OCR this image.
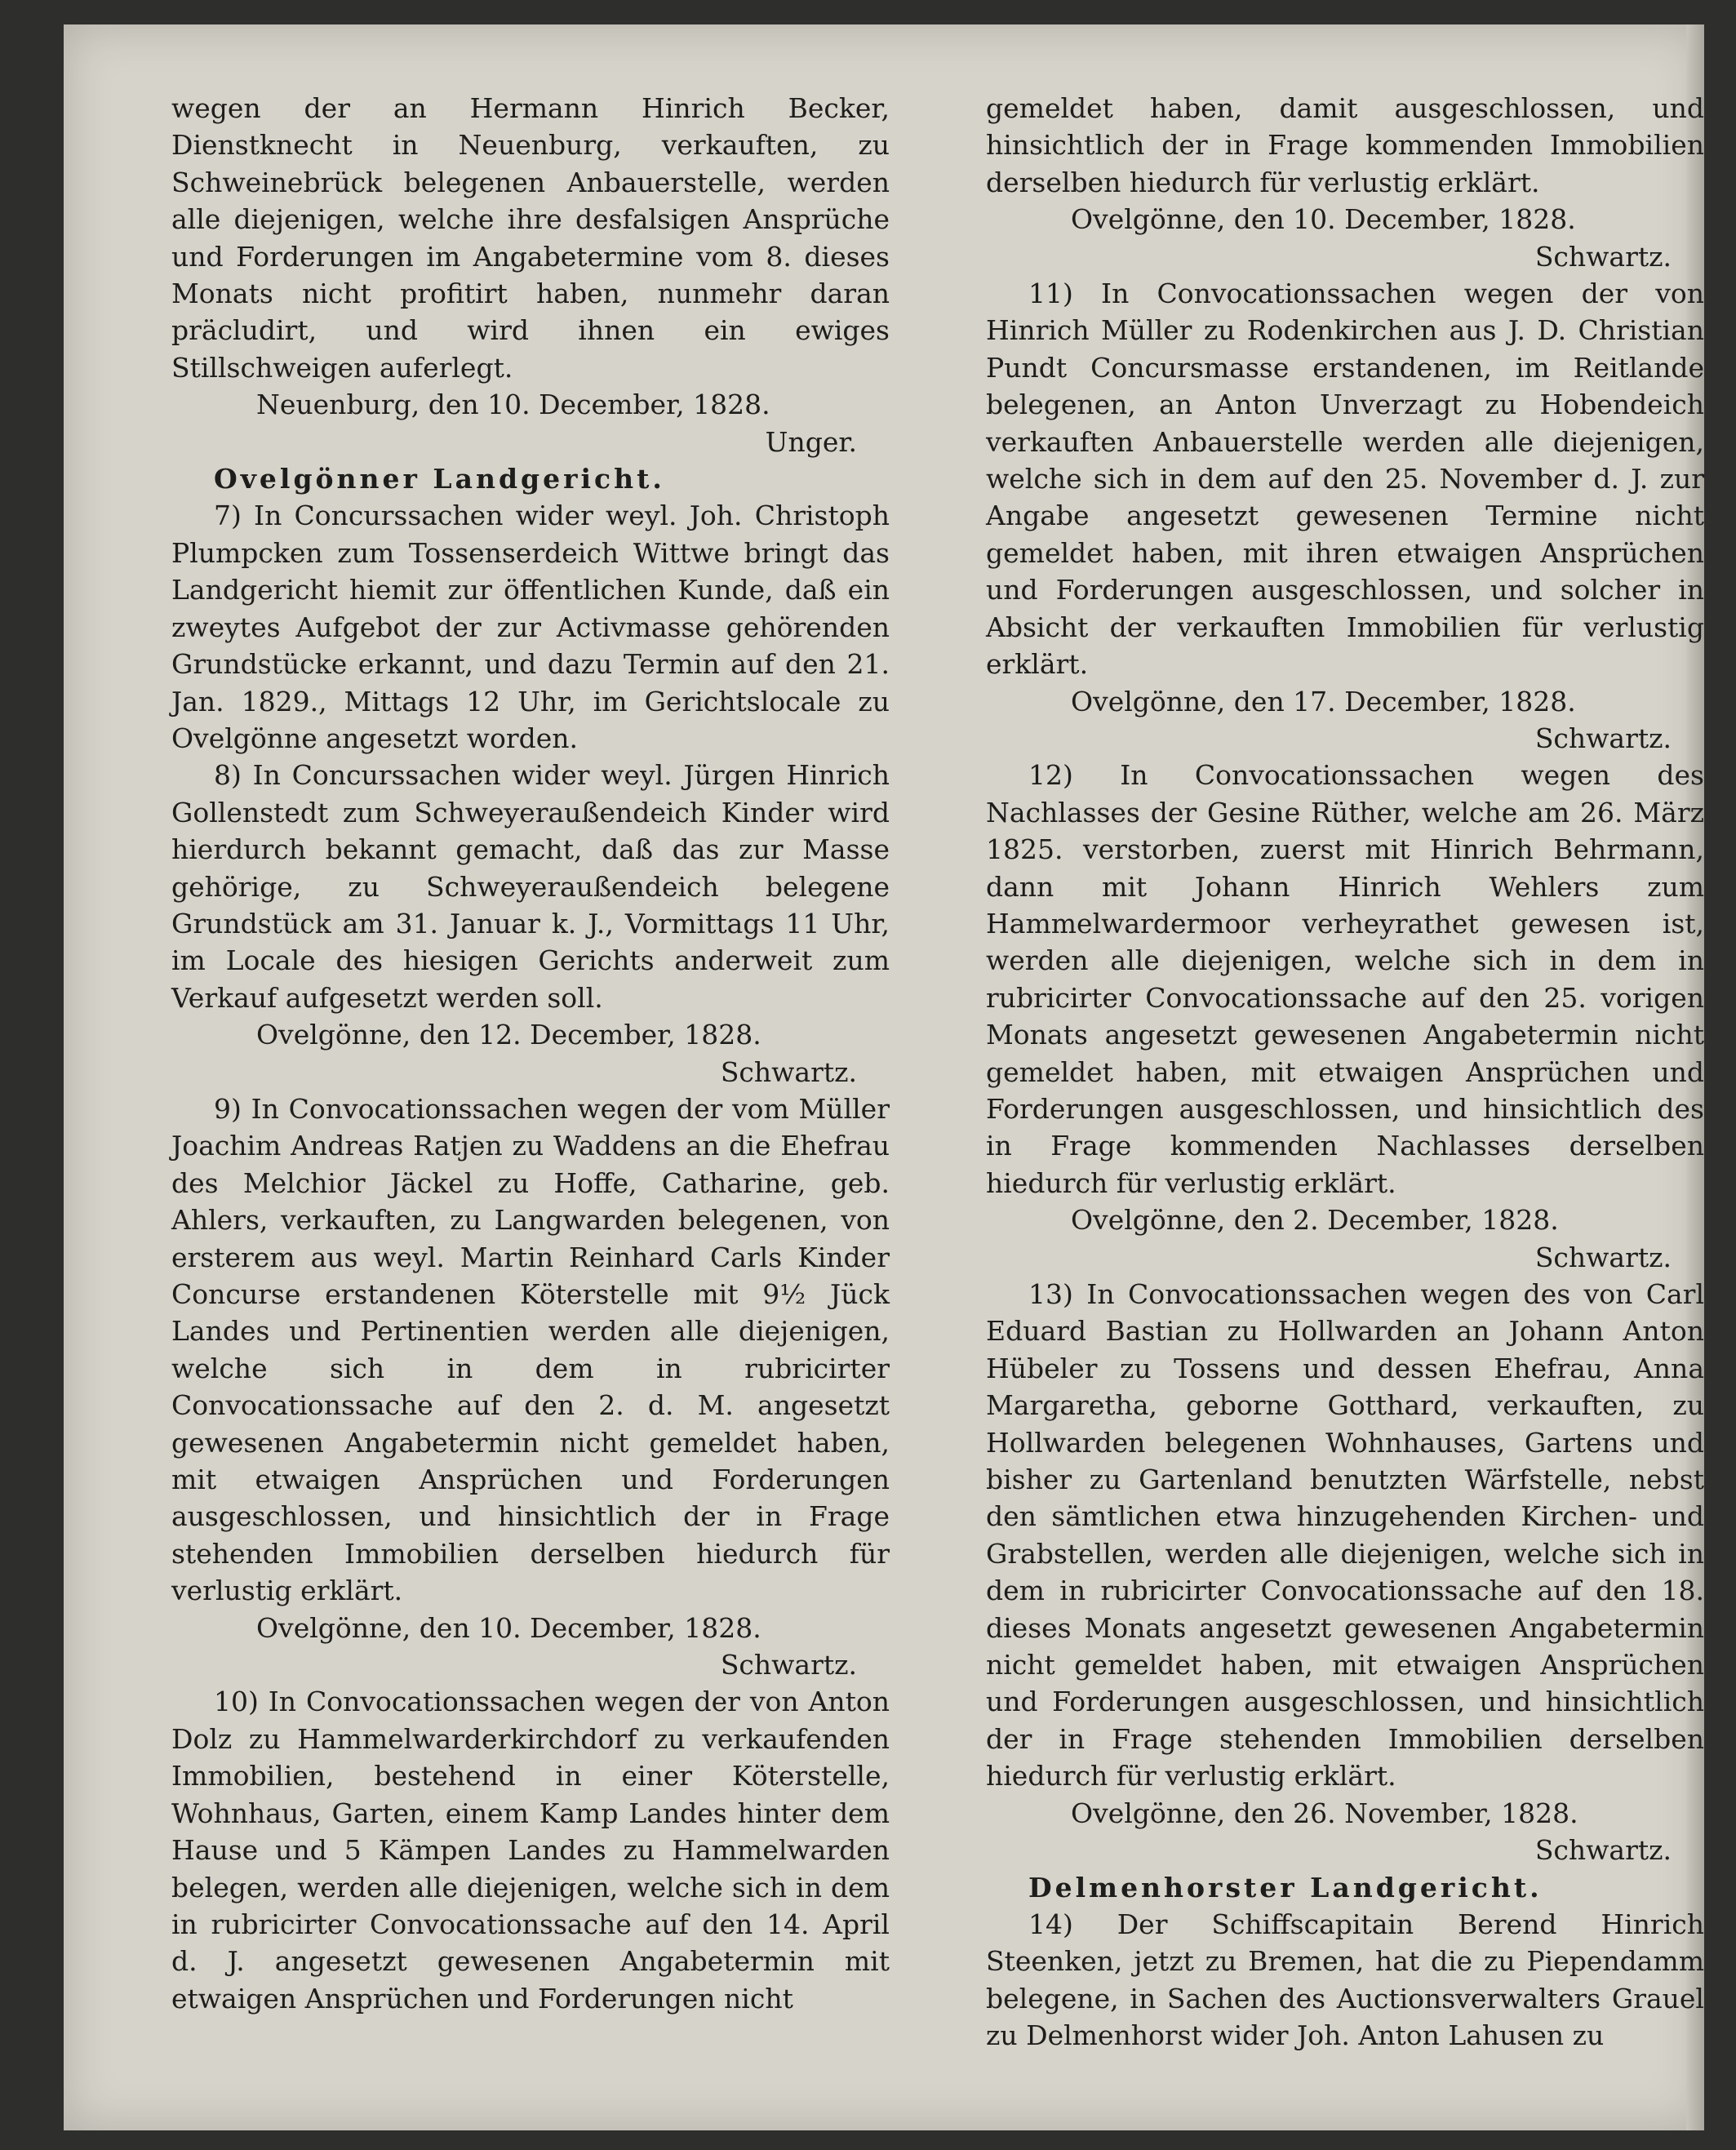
wegen der an Hermann Hinrich Becker, Dienstknecht in Neuenburg, verkauften, zu Schweinebrück belegenen Anbauerstelle, werden alle diejenigen, welche ihre desfalsigen Ansprüche und Forderungen im Angabetermine vom 8. dieses Monats nicht profitirt haben, nunmehr daran präcludirt, und wird ihnen ein ewiges Stillschweigen auferlegt.

Neuenburg, den 10. December, 1828.

Unger.

Ovelgönner Landgericht.

7) In Concurssachen wider weyl. Joh. Christoph Plumpcken zum Tossenserdeich Wittwe bringt das Landgericht hiemit zur öffentlichen Kunde, daß ein zweytes Aufgebot der zur Activmasse gehörenden Grundstücke erkannt, und dazu Termin auf den 21. Jan. 1829., Mittags 12 Uhr, im Gerichtslocale zu Ovelgönne angesetzt worden.

8) In Concurssachen wider weyl. Jürgen Hinrich Gollenstedt zum Schweyeraußendeich Kinder wird hierdurch bekannt gemacht, daß das zur Masse gehörige, zu Schweyeraußendeich belegene Grundstück am 31. Januar k. J., Vormittags 11 Uhr, im Locale des hiesigen Gerichts anderweit zum Verkauf aufgesetzt werden soll.

Ovelgönne, den 12. December, 1828.

Schwartz.

9) In Convocationssachen wegen der vom Müller Joachim Andreas Ratjen zu Waddens an die Ehefrau des Melchior Jäckel zu Hoffe, Catharine, geb. Ahlers, verkauften, zu Langwarden belegenen, von ersterem aus weyl. Martin Reinhard Carls Kinder Concurse erstandenen Köterstelle mit 9½ Jück Landes und Pertinentien werden alle diejenigen, welche sich in dem in rubricirter Convocationssache auf den 2. d. M. angesetzt gewesenen Angabetermin nicht gemeldet haben, mit etwaigen Ansprüchen und Forderungen ausgeschlossen, und hinsichtlich der in Frage stehenden Immobilien derselben hiedurch für verlustig erklärt.

Ovelgönne, den 10. December, 1828.

Schwartz.

10) In Convocationssachen wegen der von Anton Dolz zu Hammelwarderkirchdorf zu verkaufenden Immobilien, bestehend in einer Köterstelle, Wohnhaus, Garten, einem Kamp Landes hinter dem Hause und 5 Kämpen Landes zu Hammelwarden belegen, werden alle diejenigen, welche sich in dem in rubricirter Convocationssache auf den 14. April d. J. angesetzt gewesenen Angabetermin mit etwaigen Ansprüchen und Forderungen nicht

gemeldet haben, damit ausgeschlossen, und hinsichtlich der in Frage kommenden Immobilien derselben hiedurch für verlustig erklärt.

Ovelgönne, den 10. December, 1828.

Schwartz.

11) In Convocationssachen wegen der von Hinrich Müller zu Rodenkirchen aus J. D. Christian Pundt Concursmasse erstandenen, im Reitlande belegenen, an Anton Unverzagt zu Hobendeich verkauften Anbauerstelle werden alle diejenigen, welche sich in dem auf den 25. November d. J. zur Angabe angesetzt gewesenen Termine nicht gemeldet haben, mit ihren etwaigen Ansprüchen und Forderungen ausgeschlossen, und solcher in Absicht der verkauften Immobilien für verlustig erklärt.

Ovelgönne, den 17. December, 1828.

Schwartz.

12) In Convocationssachen wegen des Nachlasses der Gesine Rüther, welche am 26. März 1825. verstorben, zuerst mit Hinrich Behrmann, dann mit Johann Hinrich Wehlers zum Hammelwardermoor verheyrathet gewesen ist, werden alle diejenigen, welche sich in dem in rubricirter Convocationssache auf den 25. vorigen Monats angesetzt gewesenen Angabetermin nicht gemeldet haben, mit etwaigen Ansprüchen und Forderungen ausgeschlossen, und hinsichtlich des in Frage kommenden Nachlasses derselben hiedurch für verlustig erklärt.

Ovelgönne, den 2. December, 1828.

Schwartz.

13) In Convocationssachen wegen des von Carl Eduard Bastian zu Hollwarden an Johann Anton Hübeler zu Tossens und dessen Ehefrau, Anna Margaretha, geborne Gotthard, verkauften, zu Hollwarden belegenen Wohnhauses, Gartens und bisher zu Gartenland benutzten Wärfstelle, nebst den sämtlichen etwa hinzugehenden Kirchen- und Grabstellen, werden alle diejenigen, welche sich in dem in rubricirter Convocationssache auf den 18. dieses Monats angesetzt gewesenen Angabetermin nicht gemeldet haben, mit etwaigen Ansprüchen und Forderungen ausgeschlossen, und hinsichtlich der in Frage stehenden Immobilien derselben hiedurch für verlustig erklärt.

Ovelgönne, den 26. November, 1828.

Schwartz.

Delmenhorster Landgericht.

14) Der Schiffscapitain Berend Hinrich Steenken, jetzt zu Bremen, hat die zu Piependamm belegene, in Sachen des Auctionsverwalters Grauel zu Delmenhorst wider Joh. Anton Lahusen zu
